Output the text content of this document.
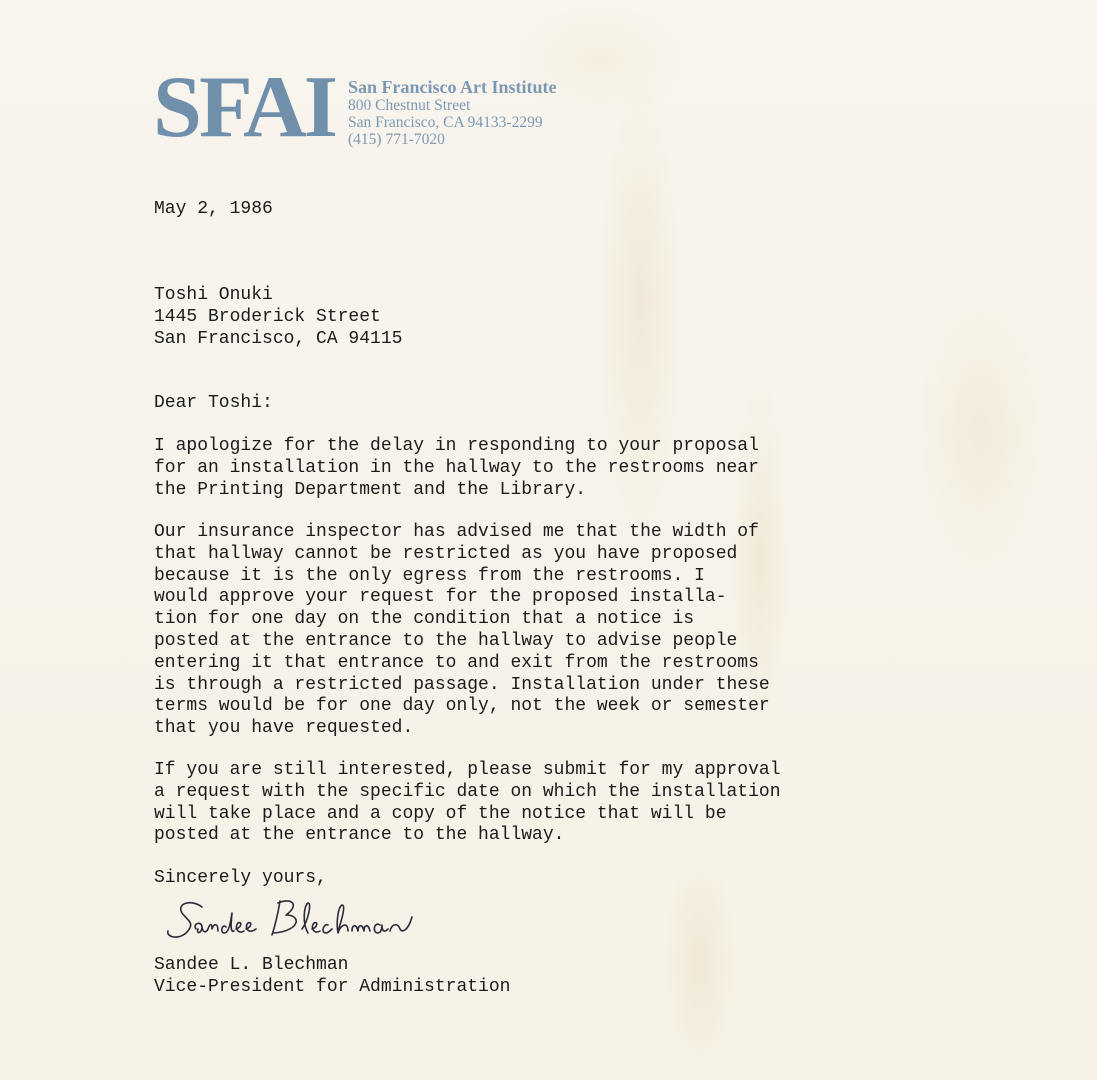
SFAI San Francisco Art Institute
800 Chestnut Street
San Francisco, CA 94133-2299
(415) 771-7020
May 2, 1986

Toshi Onuki

1445 Broderick Street

San Francisco, CA 94115

Dear Toshi:

I apologize for the delay in responding to your proposal

for an installation in the hallway to the restrooms near

the Printing Department and the Library.

Our insurance inspector has advised me that the width of

that hallway cannot be restricted as you have proposed

because it is the only egress from the restrooms. I

would approve your request for the proposed installa-

tion for one day on the condition that a notice is

posted at the entrance to the hallway to advise people

entering it that entrance to and exit from the restrooms

is through a restricted passage. Installation under these

terms would be for one day only, not the week or semester

that you have requested.

If you are still interested, please submit for my approval

a request with the specific date on which the installation

will take place and a copy of the notice that will be

posted at the entrance to the hallway.

Sincerely yours,

Sandee L. Blechman

Vice-President for Administration
